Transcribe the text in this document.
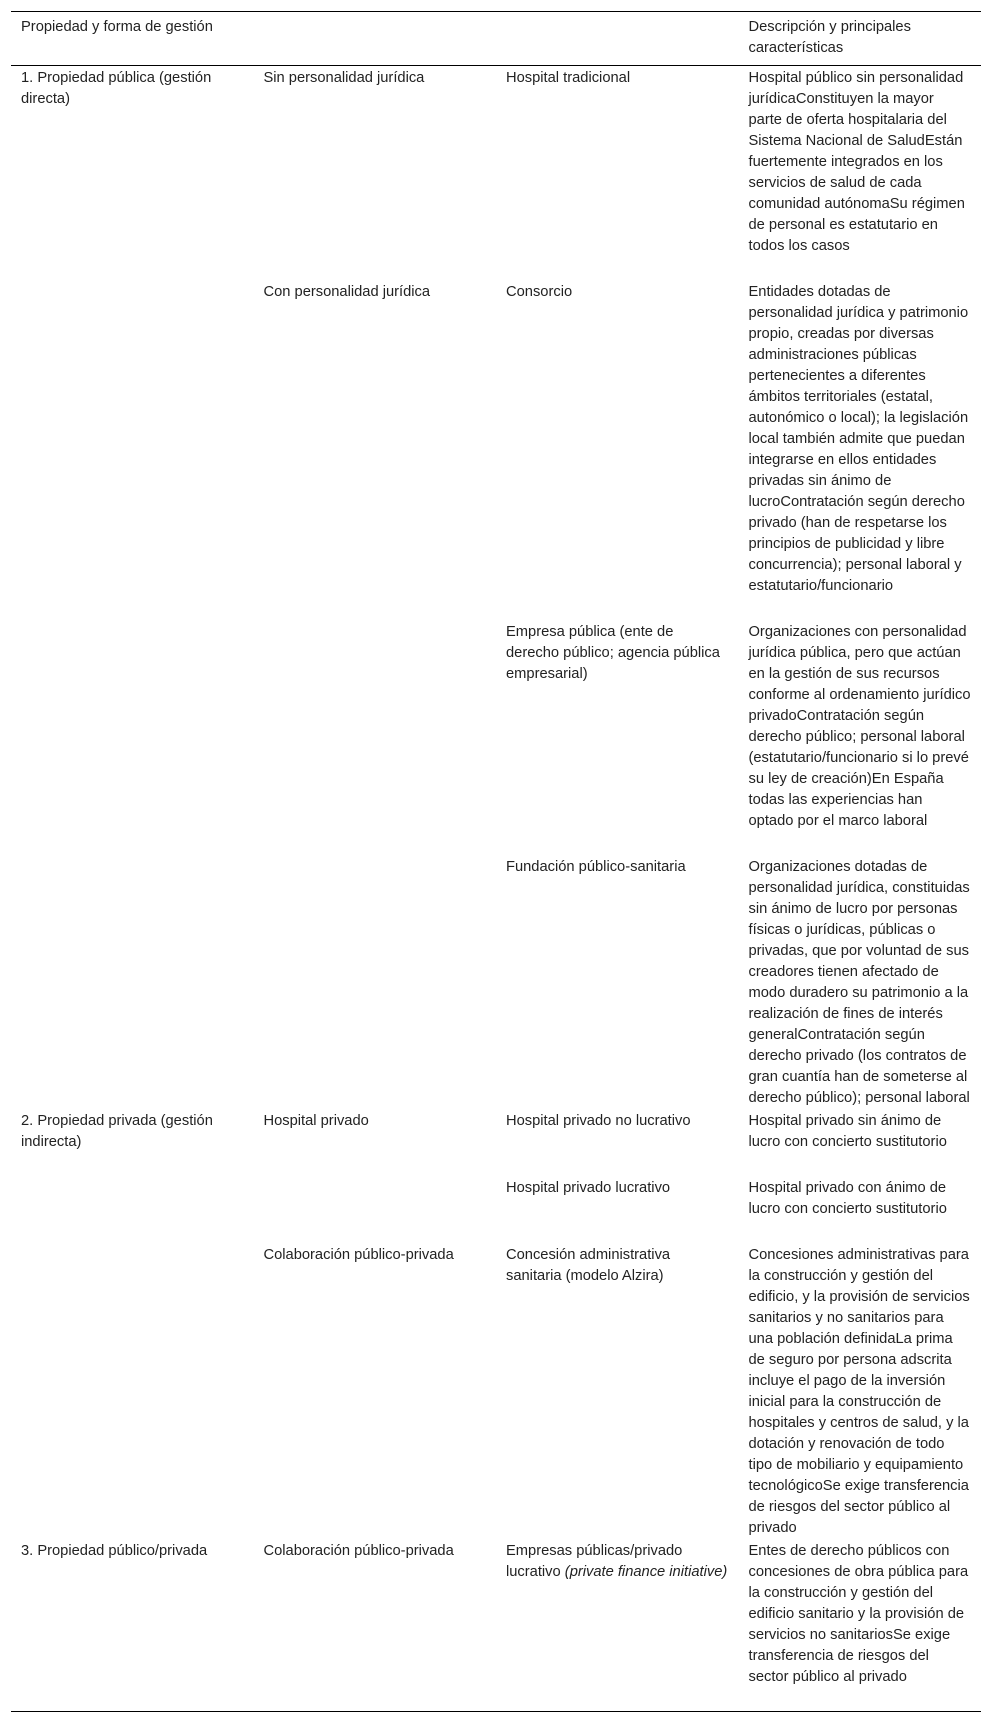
Propiedad y forma de gestión			Descripción y principales características
1. Propiedad pública (gestión directa)	Sin personalidad jurídica	Hospital tradicional	Hospital público sin personalidad jurídicaConstituyen la mayor parte de oferta hospitalaria del Sistema Nacional de SaludEstán fuertemente integrados en los servicios de salud de cada comunidad autónomaSu régimen de personal es estatutario en todos los casos
	Con personalidad jurídica	Consorcio	Entidades dotadas de personalidad jurídica y patrimonio propio, creadas por diversas administraciones públicas pertenecientes a diferentes ámbitos territoriales (estatal, autonómico o local); la legislación local también admite que puedan integrarse en ellos entidades privadas sin ánimo de lucroContratación según derecho privado (han de respetarse los principios de publicidad y libre concurrencia); personal laboral y estatutario/funcionario
		Empresa pública (ente de derecho público; agencia pública empresarial)	Organizaciones con personalidad jurídica pública, pero que actúan en la gestión de sus recursos conforme al ordenamiento jurídico privadoContratación según derecho público; personal laboral (estatutario/funcionario si lo prevé su ley de creación)En España todas las experiencias han optado por el marco laboral
		Fundación público-sanitaria	Organizaciones dotadas de personalidad jurídica, constituidas sin ánimo de lucro por personas físicas o jurídicas, públicas o privadas, que por voluntad de sus creadores tienen afectado de modo duradero su patrimonio a la realización de fines de interés generalContratación según derecho privado (los contratos de gran cuantía han de someterse al derecho público); personal laboral
2. Propiedad privada (gestión indirecta)	Hospital privado	Hospital privado no lucrativo	Hospital privado sin ánimo de lucro con concierto sustitutorio
		Hospital privado lucrativo	Hospital privado con ánimo de lucro con concierto sustitutorio
	Colaboración público-privada	Concesión administrativa sanitaria (modelo Alzira)	Concesiones administrativas para la construcción y gestión del edificio, y la provisión de servicios sanitarios y no sanitarios para una población definidaLa prima de seguro por persona adscrita incluye el pago de la inversión inicial para la construcción de hospitales y centros de salud, y la dotación y renovación de todo tipo de mobiliario y equipamiento tecnológicoSe exige transferencia de riesgos del sector público al privado
3. Propiedad público/privada	Colaboración público-privada	Empresas públicas/privado lucrativo (private finance initiative)	Entes de derecho públicos con concesiones de obra pública para la construcción y gestión del edificio sanitario y la provisión de servicios no sanitariosSe exige transferencia de riesgos del sector público al privado
